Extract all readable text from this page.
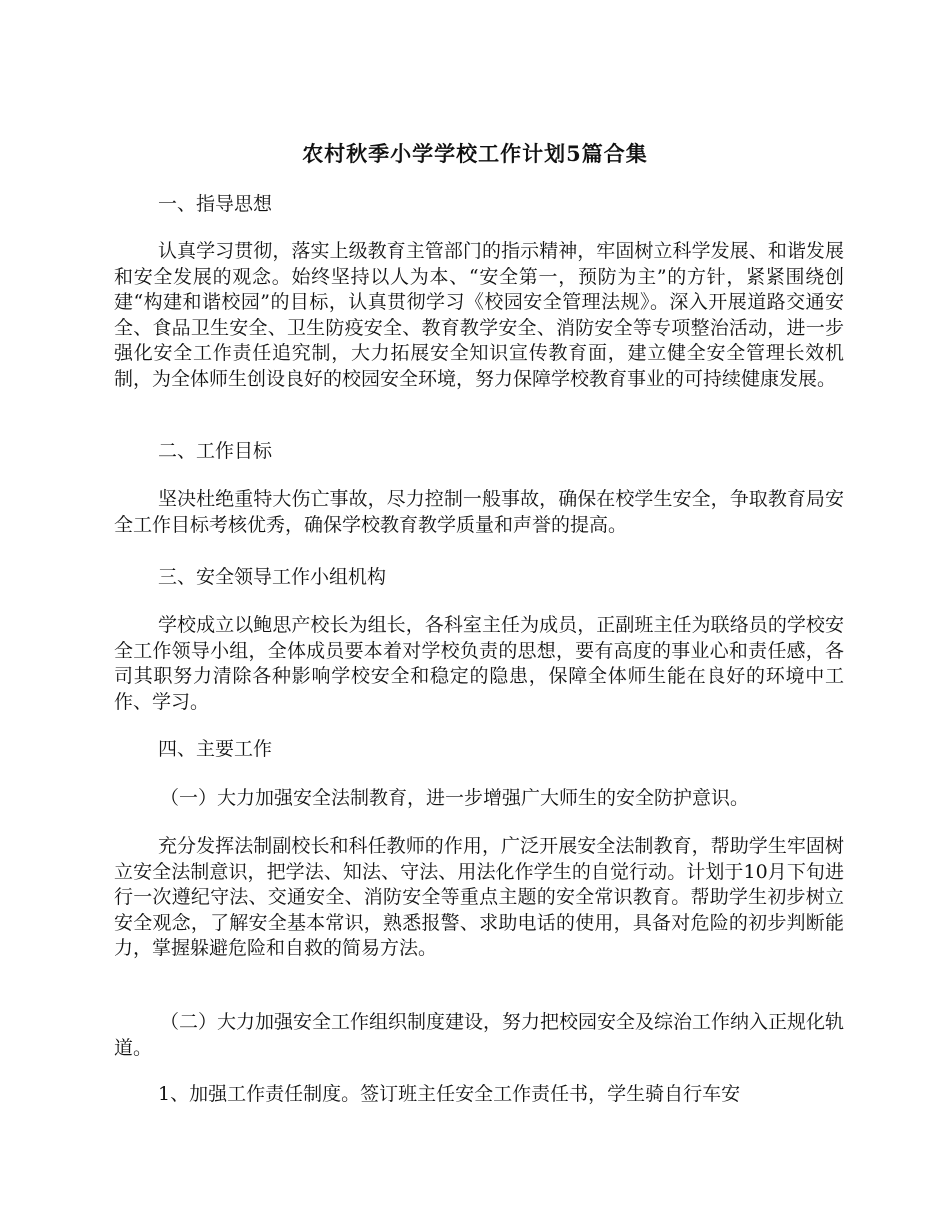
农村秋季小学学校工作计划5篇合集
一、指导思想
认真学习贯彻，落实上级教育主管部门的指示精神，牢固树立科学发展、和谐发展和安全发展的观念。始终坚持以人为本、“安全第一，预防为主”的方针，紧紧围绕创建“构建和谐校园”的目标，认真贯彻学习《校园安全管理法规》。深入开展道路交通安全、食品卫生安全、卫生防疫安全、教育教学安全、消防安全等专项整治活动，进一步强化安全工作责任追究制，大力拓展安全知识宣传教育面，建立健全安全管理长效机制，为全体师生创设良好的校园安全环境，努力保障学校教育事业的可持续健康发展。
二、工作目标
坚决杜绝重特大伤亡事故，尽力控制一般事故，确保在校学生安全，争取教育局安全工作目标考核优秀，确保学校教育教学质量和声誉的提高。
三、安全领导工作小组机构
学校成立以鲍思产校长为组长，各科室主任为成员，正副班主任为联络员的学校安全工作领导小组，全体成员要本着对学校负责的思想，要有高度的事业心和责任感，各司其职努力清除各种影响学校安全和稳定的隐患，保障全体师生能在良好的环境中工作、学习。
四、主要工作
（一）大力加强安全法制教育，进一步增强广大师生的安全防护意识。
充分发挥法制副校长和科任教师的作用，广泛开展安全法制教育，帮助学生牢固树立安全法制意识，把学法、知法、守法、用法化作学生的自觉行动。计划于10月下旬进行一次遵纪守法、交通安全、消防安全等重点主题的安全常识教育。帮助学生初步树立安全观念，了解安全基本常识，熟悉报警、求助电话的使用，具备对危险的初步判断能力，掌握躲避危险和自救的简易方法。
（二）大力加强安全工作组织制度建设，努力把校园安全及综治工作纳入正规化轨道。
1、加强工作责任制度。签订班主任安全工作责任书，学生骑自行车安
